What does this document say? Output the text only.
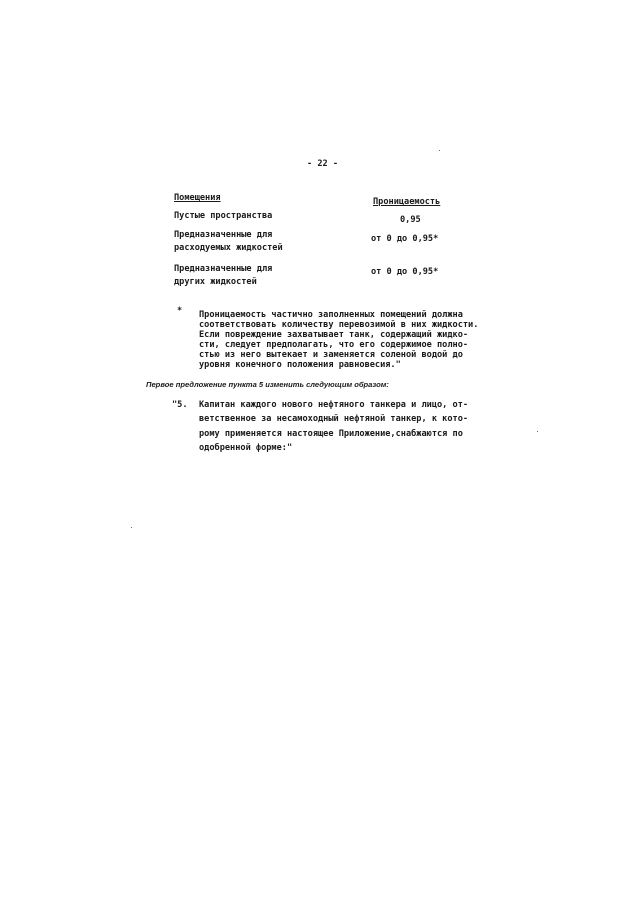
- 22 -
Помещения	Проницаемость
Пустые пространства	0,95
Предназначенные для
расходуемых жидкостей
от 0 до 0,95*
Предназначенные для
других жидкостей
от 0 до 0,95*
* Проницаемость частично заполненных помещений должна
соответствовать количеству перевозимой в них жидкости.
Если повреждение захватывает танк, содержащий жидко-
сти, следует предполагать, что его содержимое полно-
стью из него вытекает и заменяется соленой водой до
уровня конечного положения равновесия."
Первое предложение пункта 5 изменить следующим образом:
"5. Капитан каждого нового нефтяного танкера и лицо, от-
ветственное за несамоходный нефтяной танкер, к кото-
рому применяется настоящее Приложение,снабжаются по
одобренной форме:"
